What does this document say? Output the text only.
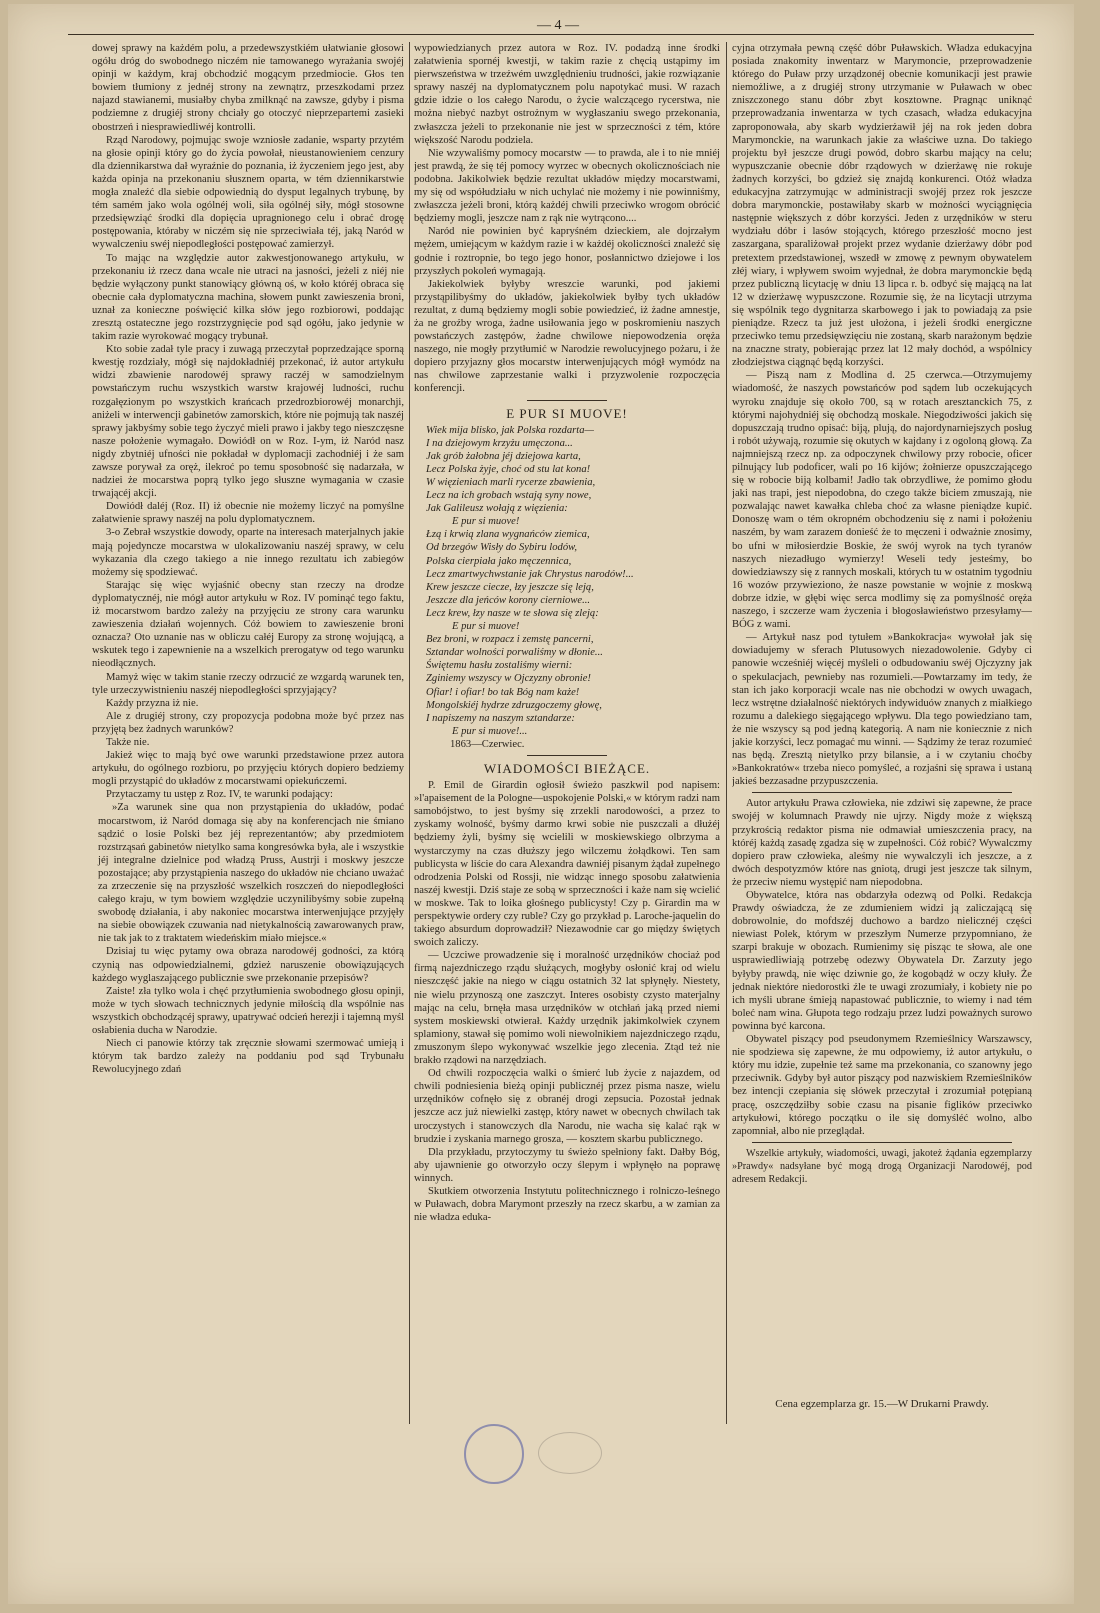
— 4 —

dowej sprawy na każdém polu, a przedewszystkiém ułatwianie głosowi ogółu dróg do swobodnego niczém nie tamowanego wyrażania swojéj opinji w każdym, kraj obchodzić mogącym przedmiocie. Głos ten bowiem tłumiony z jednéj strony na zewnątrz, przeszkodami przez najazd stawianemi, musiałby chyba zmilknąć na zawsze, gdyby i pisma podziemne z drugiéj strony chciały go otoczyć nieprzepartemi zasieki obostrzeń i niesprawiedliwéj kontrolli.

Rząd Narodowy, pojmując swoje wzniosłe zadanie, wsparty przytém na głosie opinji który go do życia powołał, nieustanowieniem cenzury dla dziennikarstwa dał wyraźnie do poznania, iż życzeniem jego jest, aby każda opinja na przekonaniu słusznem oparta, w tém dziennikarstwie mogła znaleźć dla siebie odpowiednią do dysput legalnych trybunę, by tém samém jako wola ogólnéj woli, siła ogólnéj siły, mógł stosowne przedsięwziąć środki dla dopięcia upragnionego celu i obrać drogę postępowania, któraby w niczém się nie sprzeciwiała téj, jaką Naród w wywalczeniu swéj niepodległości postępować zamierzył.

To mając na względzie autor zakwestjonowanego artykułu, w przekonaniu iż rzecz dana wcale nie utraci na jasności, jeżeli z niéj nie będzie wyłączony punkt stanowiący główną oś, w koło któréj obraca się obecnie cała dyplomatyczna machina, słowem punkt zawieszenia broni, uznał za konieczne poświęcić kilka słów jego rozbiorowi, poddając zresztą ostateczne jego rozstrzygnięcie pod sąd ogółu, jako jedynie w takim razie wyrokować mogący trybunał.

Kto sobie zadał tyle pracy i zuwagą przeczytał poprzedzające sporną kwestję rozdziały, mógł się najdokładniéj przekonać, iż autor artykułu widzi zbawienie narodowéj sprawy raczéj w samodzielnym powstańczym ruchu wszystkich warstw krajowéj ludności, ruchu rozgałęzionym po wszystkich krańcach przedrozbiorowéj monarchji, aniżeli w interwencji gabinetów zamorskich, które nie pojmują tak naszéj sprawy jakbyśmy sobie tego życzyć mieli prawo i jakby tego nieszczęsne nasze położenie wymagało. Dowiódł on w Roz. I-ym, iż Naród nasz nigdy zbytniéj ufności nie pokładał w dyplomacji zachodniéj i że sam zawsze porywał za oręż, ilekroć po temu sposobność się nadarzała, w nadziei że mocarstwa poprą tylko jego słuszne wymagania w czasie trwającéj akcji.

Dowiódł daléj (Roz. II) iż obecnie nie możemy liczyć na pomyślne załatwienie sprawy naszéj na polu dyplomatycznem.

3-o Zebrał wszystkie dowody, oparte na interesach materjalnych jakie mają pojedyncze mocarstwa w ulokalizowaniu naszéj sprawy, w celu wykazania dla czego takiego a nie innego rezultatu ich zabiegów możemy się spodziewać.

Starając się więc wyjaśnić obecny stan rzeczy na drodze dyplomatycznéj, nie mógł autor artykułu w Roz. IV pominąć tego faktu, iż mocarstwom bardzo zależy na przyjęciu ze strony cara warunku zawieszenia działań wojennych. Cóż bowiem to zawieszenie broni oznacza? Oto uznanie nas w obliczu całéj Europy za stronę wojującą, a wskutek tego i zapewnienie na a wszelkich prerogatyw od tego warunku nieodłącznych.

Mamyż więc w takim stanie rzeczy odrzucić ze wzgardą warunek ten, tyle urzeczywistnieniu naszéj niepodległości sprzyjający?

Każdy przyzna iż nie.

Ale z drugiéj strony, czy propozycja podobna może być przez nas przyjętą bez żadnych warunków?

Także nie.

Jakież więc to mają być owe warunki przedstawione przez autora artykułu, do ogólnego rozbioru, po przyjęciu których dopiero bedziemy mogli przystąpić do układów z mocarstwami opiekuńczemi.

Przytaczamy tu ustęp z Roz. IV, te warunki podający:

»Za warunek sine qua non przystąpienia do układów, podać mocarstwom, iż Naród domaga się aby na konferencjach nie śmiano sądzić o losie Polski bez jéj reprezentantów; aby przedmiotem rozstrząsań gabinetów nietylko sama kongresówka była, ale i wszystkie jéj integralne dzielnice pod władzą Pruss, Austrji i moskwy jeszcze pozostające; aby przystąpienia naszego do układów nie chciano uważać za zrzeczenie się na przyszłość wszelkich roszczeń do niepodległości całego kraju, w tym bowiem względzie uczynilibyśmy sobie zupełną swobodę działania, i aby nakoniec mocarstwa interwenjujące przyjęły na siebie obowiązek czuwania nad nietykalnością zawarowanych praw, nie tak jak to z traktatem wiedeńskim miało miejsce.«

Dzisiaj tu więc pytamy owa obraza narodowéj godności, za którą czynią nas odpowiedzialnemi, gdzież naruszenie obowiązujących każdego wyglaszającego publicznie swe przekonanie przepisów?

Zaiste! zła tylko wola i chęć przytłumienia swobodnego głosu opinji, może w tych słowach technicznych jedynie miłością dla wspólnie nas wszystkich obchodzącéj sprawy, upatrywać odcień herezji i tajemną myśl osłabienia ducha w Narodzie.

Niech ci panowie którzy tak zręcznie słowami szermować umieją i którym tak bardzo zależy na poddaniu pod sąd Trybunału Rewolucyjnego zdań

wypowiedzianych przez autora w Roz. IV. podadzą inne środki załatwienia spornéj kwestji, w takim razie z chęcią ustąpimy im pierwszeństwa w trzeźwém uwzględnieniu trudności, jakie rozwiązanie sprawy naszéj na dyplomatycznem polu napotykać musi. W razach gdzie idzie o los całego Narodu, o życie walczącego rycerstwa, nie można niebyć nazbyt ostrożnym w wygłaszaniu swego przekonania, zwłaszcza jeżeli to przekonanie nie jest w sprzeczności z tém, które większość Narodu podziela.

Nie wzywaliśmy pomocy mocarstw — to prawda, ale i to nie mniéj jest prawdą, że się téj pomocy wyrzec w obecnych okolicznościach nie podobna. Jakikolwiek będzie rezultat układów między mocarstwami, my się od współudziału w nich uchylać nie możemy i nie powinniśmy, zwłaszcza jeżeli broni, którą każdéj chwili przeciwko wrogom obrócić będziemy mogli, jeszcze nam z rąk nie wytrącono....

Naród nie powinien być kapryśném dzieckiem, ale dojrzałym mężem, umiejącym w każdym razie i w każdéj okoliczności znaleźć się godnie i roztropnie, bo tego jego honor, posłannictwo dziejowe i los przyszłych pokoleń wymagają.

Jakiekolwiek byłyby wreszcie warunki, pod jakiemi przystąpilibyśmy do układów, jakiekolwiek byłby tych układów rezultat, z dumą będziemy mogli sobie powiedzieć, iż żadne amnestje, ża ne groźby wroga, żadne usiłowania jego w poskromieniu naszych powstańczych zastępów, żadne chwilowe niepowodzenia oręża naszego, nie mogły przytłumić w Narodzie rewolucyjnego pożaru, i że dopiero przyjazny głos mocarstw interwenjujących mógł wymódz na nas chwilowe zaprzestanie walki i przyzwolenie rozpoczęcia konferencji.

E PUR SI MUOVE!
Wiek mija blisko, jak Polska rozdarta—
I na dziejowym krzyżu umęczona...
Jak grób żałobna jéj dziejowa karta,
Lecz Polska żyje, choć od stu lat kona!
W więzieniach marli rycerze zbawienia,
Lecz na ich grobach wstają syny nowe,
Jak Galileusz wołają z więzienia:
E pur si muove!
Łzą i krwią zlana wygnańców ziemica,
Od brzegów Wisły do Sybiru lodów,
Polska cierpiała jako męczennica,
Lecz zmartwychwstanie jak Chrystus narodów!...
Krew jeszcze ciecze, łzy jeszcze się leją,
Jeszcze dla jeńców korony cierniowe...
Lecz krew, łzy nasze w te słowa się zleją:
E pur si muove!
Bez broni, w rozpacz i zemstę pancerni,
Sztandar wolności porwaliśmy w dłonie...
Świętemu hasłu zostaliśmy wierni:
Zginiemy wszyscy w Ojczyzny obronie!
Ofiar! i ofiar! bo tak Bóg nam każe!
Mongolskiéj hydrze zdruzgoczemy głowę,
I napiszemy na naszym sztandarze:
E pur si muove!...
1863—Czerwiec.
WIADOMOŚCI BIEŻĄCE.

P. Emil de Girardin ogłosił świeżo paszkwil pod napisem: »l'apaisement de la Pologne—uspokojenie Polski,« w którym radzi nam samobójstwo, to jest byśmy się zrzekli narodowości, a przez to zyskamy wolność, byśmy darmo krwi sobie nie puszczali a dłużéj będziemy żyli, byśmy się wcielili w moskiewskiego olbrzyma a wystarczymy na czas dłuższy jego wilczemu żołądkowi. Ten sam publicysta w liście do cara Alexandra dawniéj pisanym żądał zupełnego odrodzenia Polski od Rossji, nie widząc innego sposobu załatwienia naszéj kwestji. Dziś staje ze sobą w sprzeczności i każe nam się wcielić w moskwe. Tak to loika głośnego publicysty! Czy p. Girardin ma w perspektywie ordery czy ruble? Czy go przykład p. Laroche-jaquelin do takiego absurdum doprowadził? Niezawodnie car go między świętych swoich zaliczy.

— Uczciwe prowadzenie się i moralność urzędników chociaż pod firmą najezdniczego rządu służących, mogłyby osłonić kraj od wielu nieszczęść jakie na niego w ciągu ostatnich 32 lat spłynęły. Niestety, nie wielu przynoszą one zaszczyt. Interes osobisty czysto materjalny mając na celu, brnęła masa urzędników w otchłań jaką przed niemi system moskiewski otwierał. Każdy urzędnik jakimkolwiek czynem splamiony, stawał się pomimo woli niewolnikiem najezdniczego rządu, zmuszonym ślepo wykonywać wszelkie jego zlecenia. Ztąd też nie brakło rządowi na narzędziach.

Od chwili rozpoczęcia walki o śmierć lub życie z najazdem, od chwili podniesienia bieżą opinji publicznéj przez pisma nasze, wielu urzędników cofnęło się z obranéj drogi zepsucia. Pozostał jednak jeszcze acz już niewielki zastęp, który nawet w obecnych chwilach tak uroczystych i stanowczych dla Narodu, nie wacha się kalać rąk w brudzie i zyskania marnego grosza, — kosztem skarbu publicznego.

Dla przykładu, przytoczymy tu świeżo spełniony fakt. Dałby Bóg, aby ujawnienie go otworzyło oczy ślepym i wpłynęło na poprawę winnych.

Skutkiem otworzenia Instytutu politechnicznego i rolniczo-leśnego w Puławach, dobra Marymont przeszły na rzecz skarbu, a w zamian za nie władza eduka-

cyjna otrzymała pewną część dóbr Puławskich. Władza edukacyjna posiada znakomity inwentarz w Marymoncie, przeprowadzenie którego do Puław przy urządzonéj obecnie komunikacji jest prawie niemożliwe, a z drugiéj strony utrzymanie w Puławach w obec zniszczonego stanu dóbr zbyt kosztowne. Pragnąc uniknąć przeprowadzania inwentarza w tych czasach, władza edukacyjna zaproponowała, aby skarb wydzierżawił jéj na rok jeden dobra Marymonckie, na warunkach jakie za właściwe uzna. Do takiego projektu był jeszcze drugi powód, dobro skarbu mający na celu; wypuszczanie obecnie dóbr rządowych w dzierżawę nie rokuje żadnych korzyści, bo gdzież się znajdą konkurenci. Otóż władza edukacyjna zatrzymując w administracji swojéj przez rok jeszcze dobra marymonckie, postawiłaby skarb w możności wyciągnięcia następnie większych z dóbr korzyści. Jeden z urzędników w steru wydziału dóbr i lasów stojących, którego przeszłość mocno jest zaszargana, sparaliżował projekt przez wydanie dzierżawy dóbr pod pretextem przedstawionej, wszedł w zmowę z pewnym obywatelem złéj wiary, i wpływem swoim wyjednał, że dobra marymonckie będą przez publiczną licytację w dniu 13 lipca r. b. odbyć się mającą na lat 12 w dzierżawę wypuszczone. Rozumie się, że na licytacji utrzyma się wspólnik tego dygnitarza skarbowego i jak to powiadają za psie pieniądze. Rzecz ta już jest ułożona, i jeżeli środki energiczne przeciwko temu przedsięwzięciu nie zostaną, skarb narażonym będzie na znaczne straty, pobierając przez lat 12 mały dochód, a wspólnicy złodziejstwa ciągnąć będą korzyści.

— Piszą nam z Modlina d. 25 czerwca.—Otrzymujemy wiadomość, że naszych powstańców pod sądem lub oczekujących wyroku znajduje się około 700, są w rotach aresztanckich 75, z którymi najohydniéj się obchodzą moskale. Niegodziwości jakich się dopuszczają trudno opisać: biją, plują, do najordynarniejszych posług i robót używają, rozumie się okutych w kajdany i z ogoloną głową. Za najmniejszą rzecz np. za odpoczynek chwilowy przy robocie, oficer pilnujący lub podoficer, wali po 16 kijów; żołnierze opuszczającego się w robocie biją kolbami! Jadło tak obrzydliwe, że pomimo głodu jaki nas trapi, jest niepodobna, do czego także biciem zmuszają, nie pozwalając nawet kawałka chleba choć za własne pieniądze kupić. Donoszę wam o tém okropném obchodzeniu się z nami i położeniu naszém, by wam zarazem donieść że to męczeni i odważnie znosimy, bo ufni w miłosierdzie Boskie, że swój wyrok na tych tyranów naszych niezadługo wymierzy! Weseli tedy jesteśmy, bo dowiedziawszy się z rannych moskali, których tu w ostatnim tygodniu 16 wozów przywieziono, że nasze powstanie w wojnie z moskwą dobrze idzie, w głębi więc serca modlimy się za pomyślność oręża naszego, i szczerze wam życzenia i błogosławieństwo przesyłamy—BÓG z wami.

— Artykuł nasz pod tytułem »Bankokracja« wywołał jak się dowiadujemy w sferach Plutusowych niezadowolenie. Gdyby ci panowie wcześniéj więcéj myśleli o odbudowaniu swéj Ojczyzny jak o spekulacjach, pewnieby nas rozumieli.—Powtarzamy im tedy, że stan ich jako korporacji wcale nas nie obchodzi w owych uwagach, lecz wstrętne działalność niektórych indywiduów znanych z miałkiego rozumu a dalekiego sięgającego wpływu. Dla tego powiedziano tam, że nie wszyscy są pod jedną kategorią. A nam nie koniecznie z nich jakie korzyści, lecz pomagać mu winni. — Sądzimy że teraz rozumieć nas będą. Zresztą nietylko przy bilansie, a i w czytaniu choćby »Bankokratów« trzeba nieco pomyśleć, a rozjaśni się sprawa i ustaną jakieś bezzasadne przypuszczenia.

Autor artykułu Prawa człowieka, nie zdziwi się zapewne, że prace swojéj w kolumnach Prawdy nie ujrzy. Nigdy może z większą przykrością redaktor pisma nie odmawiał umieszczenia pracy, na któréj każdą zasadę zgadza się w zupełności. Cóż robić? Wywalczmy dopiero praw człowieka, aleśmy nie wywalczyli ich jeszcze, a z dwóch despotyzmów które nas gniotą, drugi jest jeszcze tak silnym, że przeciw niemu występić nam niepodobna.

Obywatelce, która nas obdarzyła odezwą od Polki. Redakcja Prawdy oświadcza, że ze zdumieniem widzi ją zaliczającą się dobrowolnie, do mofdszéj duchowo a bardzo nielicznéj części niewiast Polek, którym w przeszłym Numerze przypomniano, że szarpi brakuje w obozach. Rumienimy się pisząc te słowa, ale one usprawiedliwiają potrzebę odezwy Obywatela Dr. Zarzuty jego byłyby prawdą, nie więc dziwnie go, że kogobądź w oczy kłuły. Że jednak niektóre niedorostki źle te uwagi zrozumiały, i kobiety nie po ich myśli ubrane śmieją napastować publicznie, to wiemy i nad tém boleć nam wina. Głupota tego rodzaju przez ludzi poważnych surowo powinna być karcona.

Obywatel piszący pod pseudonymem Rzemieślnicy Warszawscy, nie spodziewa się zapewne, że mu odpowiemy, iż autor artykułu, o który mu idzie, zupełnie też same ma przekonania, co szanowny jego przeciwnik. Gdyby był autor piszący pod nazwiskiem Rzemieślników bez intencji czepiania się słówek przeczytał i zrozumiał potępianą pracę, oszczędziłby sobie czasu na pisanie figlików przeciwko artykułowi, którego początku o ile się domyśléć wolno, albo zapomniał, albo nie przeglądał.

Wszelkie artykuły, wiadomości, uwagi, jakoteż żądania egzemplarzy »Prawdy« nadsyłane być mogą drogą Organizacji Narodowéj, pod adresem Redakcji.

Cena egzemplarza gr. 15.—W Drukarni Prawdy.
